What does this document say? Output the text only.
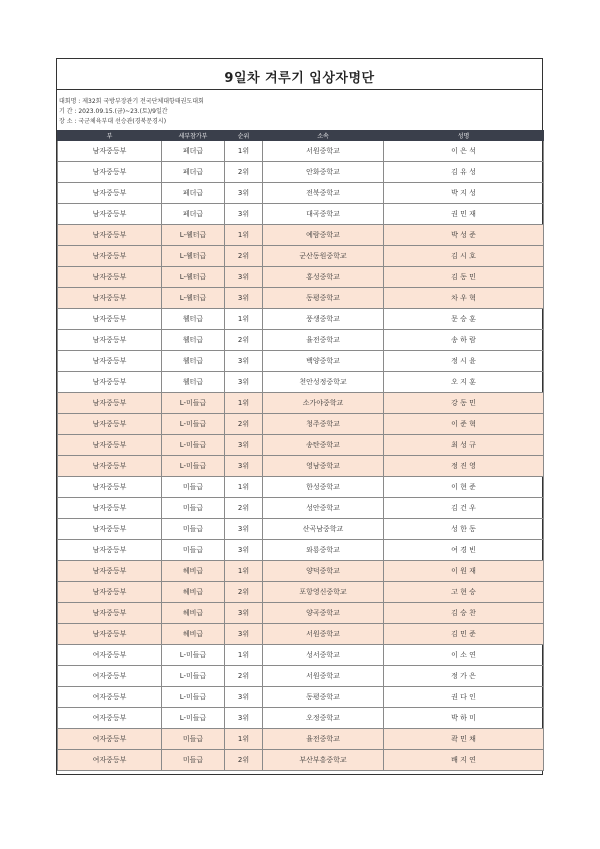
9일차 겨루기 입상자명단
대회명 : 제32회 국방부장관기 전국단체대항태권도대회
기 간 : 2023.09.15.(금)~23.(토)/9일간
장 소 : 국군체육부대 선승관(경북문경시)
부	세부참가부	순위	소속	성명
남자중등부	페더급	1위	서원중학교	이 은 석
남자중등부	페더급	2위	안화중학교	김 유 성
남자중등부	페더급	3위	전북중학교	박 지 성
남자중등부	페더급	3위	대곡중학교	권 민 재
남자중등부	L-웰터급	1위	예람중학교	박 성 준
남자중등부	L-웰터급	2위	군산동원중학교	김 시 호
남자중등부	L-웰터급	3위	홍성중학교	김 동 민
남자중등부	L-웰터급	3위	동평중학교	차 우 혁
남자중등부	웰터급	1위	풍생중학교	문 승 훈
남자중등부	웰터급	2위	율전중학교	송 하 람
남자중등부	웰터급	3위	백양중학교	정 시 윤
남자중등부	웰터급	3위	천안성정중학교	오 지 훈
남자중등부	L-미들급	1위	소가야중학교	강 동 민
남자중등부	L-미들급	2위	청주중학교	이 준 혁
남자중등부	L-미들급	3위	송탄중학교	최 성 규
남자중등부	L-미들급	3위	영남중학교	정 진 영
남자중등부	미들급	1위	한성중학교	이 현 준
남자중등부	미들급	2위	성안중학교	김 건 우
남자중등부	미들급	3위	산곡남중학교	성 한 동
남자중등부	미들급	3위	와룡중학교	여 경 빈
남자중등부	헤비급	1위	양덕중학교	이 원 재
남자중등부	헤비급	2위	포항영신중학교	고 현 승
남자중등부	헤비급	3위	양곡중학교	김 승 찬
남자중등부	헤비급	3위	서원중학교	김 민 준
여자중등부	L-미들급	1위	성서중학교	이 소 연
여자중등부	L-미들급	2위	서원중학교	정 가 은
여자중등부	L-미들급	3위	동평중학교	권 다 인
여자중등부	L-미들급	3위	오정중학교	박 하 미
여자중등부	미들급	1위	율전중학교	곽 민 채
여자중등부	미들급	2위	부산부흥중학교	배 지 연
